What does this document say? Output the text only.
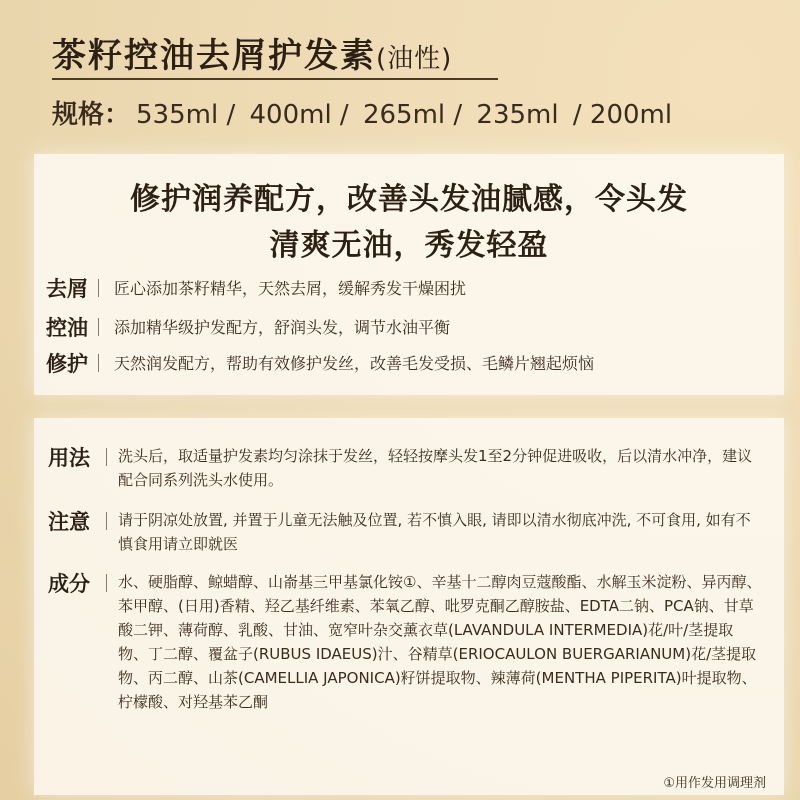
茶籽控油去屑护发素(油性)
规格： 535ml / 400ml / 265ml / 235ml / 200ml
修护润养配方，改善头发油腻感，令头发
清爽无油，秀发轻盈
去屑 匠心添加茶籽精华，天然去屑，缓解秀发干燥困扰
控油 添加精华级护发配方，舒润头发，调节水油平衡
修护 天然润发配方，帮助有效修护发丝，改善毛发受损、毛鳞片翘起烦恼
用法 洗头后，取适量护发素均匀涂抹于发丝，轻轻按摩头发1至2分钟促进吸收，后以清水冲净，建议配合同系列洗头水使用。
注意 请于阴凉处放置, 并置于儿童无法触及位置, 若不慎入眼, 请即以清水彻底冲洗, 不可食用, 如有不慎食用请立即就医
成分 水、硬脂醇、鲸蜡醇、山嵛基三甲基氯化铵①、辛基十二醇肉豆蔻酸酯、水解玉米淀粉、异丙醇、苯甲醇、(日用)香精、羟乙基纤维素、苯氧乙醇、吡罗克酮乙醇胺盐、EDTA二钠、PCA钠、甘草酸二钾、薄荷醇、乳酸、甘油、宽窄叶杂交薰衣草(LAVANDULA INTERMEDIA)花/叶/茎提取物、丁二醇、覆盆子(RUBUS IDAEUS)汁、谷精草(ERIOCAULON BUERGARIANUM)花/茎提取物、丙二醇、山茶(CAMELLIA JAPONICA)籽饼提取物、辣薄荷(MENTHA PIPERITA)叶提取物、柠檬酸、对羟基苯乙酮
①用作发用调理剂
